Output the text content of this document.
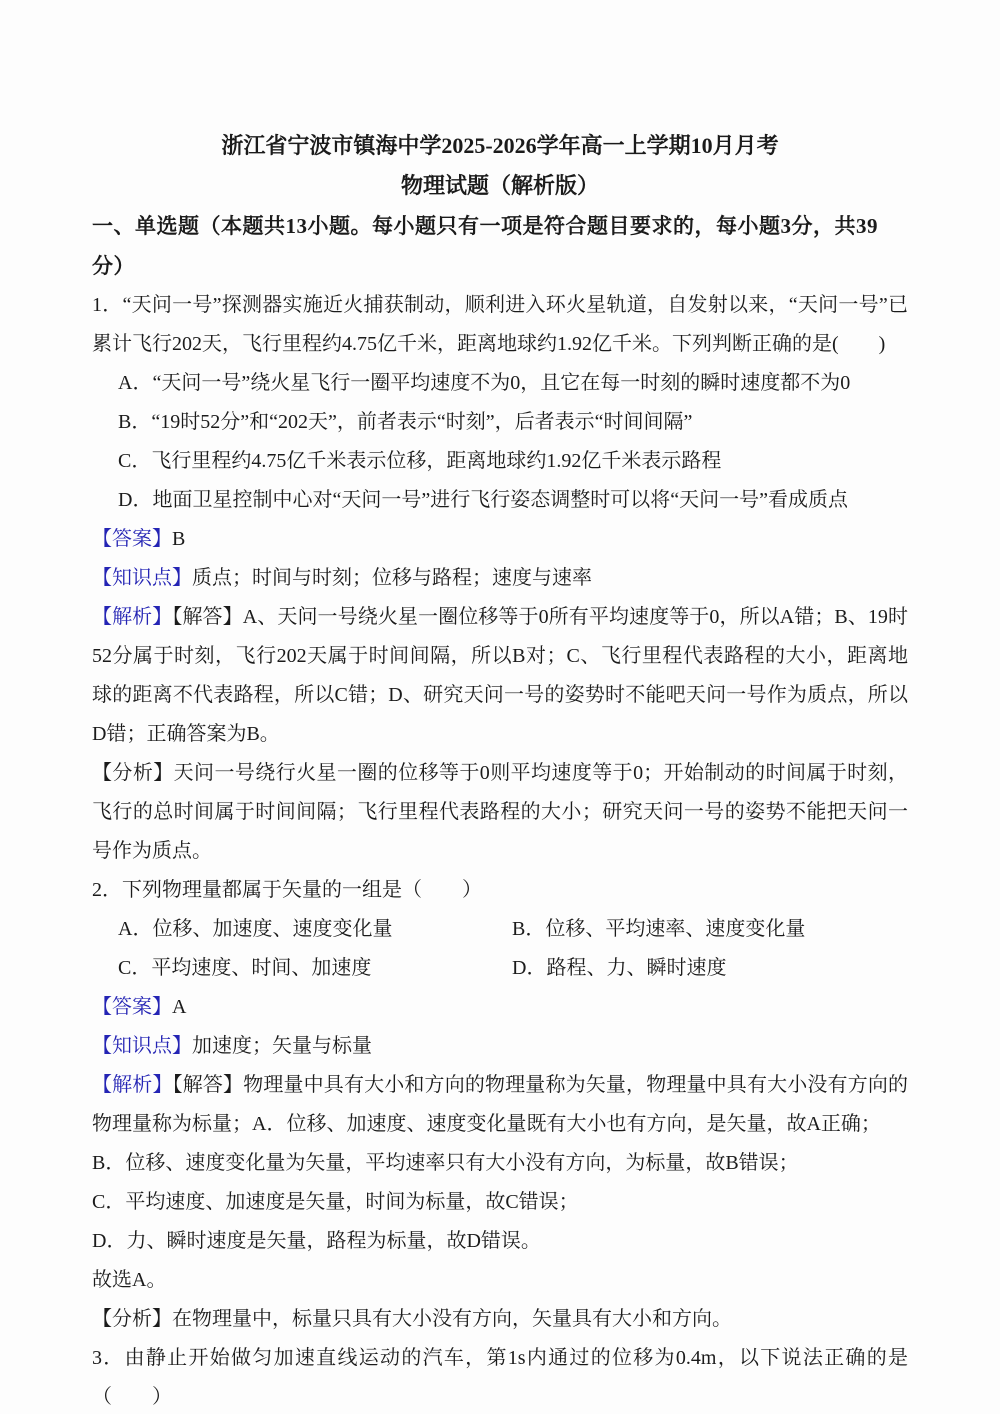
浙江省宁波市镇海中学2025-2026学年高一上学期10月月考
物理试题（解析版）
一、单选题（本题共13小题。每小题只有一项是符合题目要求的，每小题3分，共39分）

1．“天问一号”探测器实施近火捕获制动，顺利进入环火星轨道，自发射以来，“天问一号”已累计飞行202天，飞行里程约4.75亿千米，距离地球约1.92亿千米。下列判断正确的是(　　)

A．“天问一号”绕火星飞行一圈平均速度不为0，且它在每一时刻的瞬时速度都不为0

B．“19时52分”和“202天”，前者表示“时刻”，后者表示“时间间隔”

C．飞行里程约4.75亿千米表示位移，距离地球约1.92亿千米表示路程

D．地面卫星控制中心对“天问一号”进行飞行姿态调整时可以将“天问一号”看成质点

【答案】B

【知识点】质点；时间与时刻；位移与路程；速度与速率

【解析】【解答】A、天问一号绕火星一圈位移等于0所有平均速度等于0，所以A错；B、19时52分属于时刻，飞行202天属于时间间隔，所以B对；C、飞行里程代表路程的大小，距离地球的距离不代表路程，所以C错；D、研究天问一号的姿势时不能吧天问一号作为质点，所以D错；正确答案为B。

【分析】天问一号绕行火星一圈的位移等于0则平均速度等于0；开始制动的时间属于时刻，飞行的总时间属于时间间隔；飞行里程代表路程的大小；研究天问一号的姿势不能把天问一号作为质点。

2．下列物理量都属于矢量的一组是（　　）

A．位移、加速度、速度变化量	B．位移、平均速率、速度变化量

C．平均速度、时间、加速度	D．路程、力、瞬时速度

【答案】A

【知识点】加速度；矢量与标量

【解析】【解答】物理量中具有大小和方向的物理量称为矢量，物理量中具有大小没有方向的物理量称为标量；A．位移、加速度、速度变化量既有大小也有方向，是矢量，故A正确；

B．位移、速度变化量为矢量，平均速率只有大小没有方向，为标量，故B错误；

C．平均速度、加速度是矢量，时间为标量，故C错误；

D．力、瞬时速度是矢量，路程为标量，故D错误。

故选A。

【分析】在物理量中，标量只具有大小没有方向，矢量具有大小和方向。

3．由静止开始做匀加速直线运动的汽车，第1s内通过的位移为0.4m，以下说法正确的是（　　）
